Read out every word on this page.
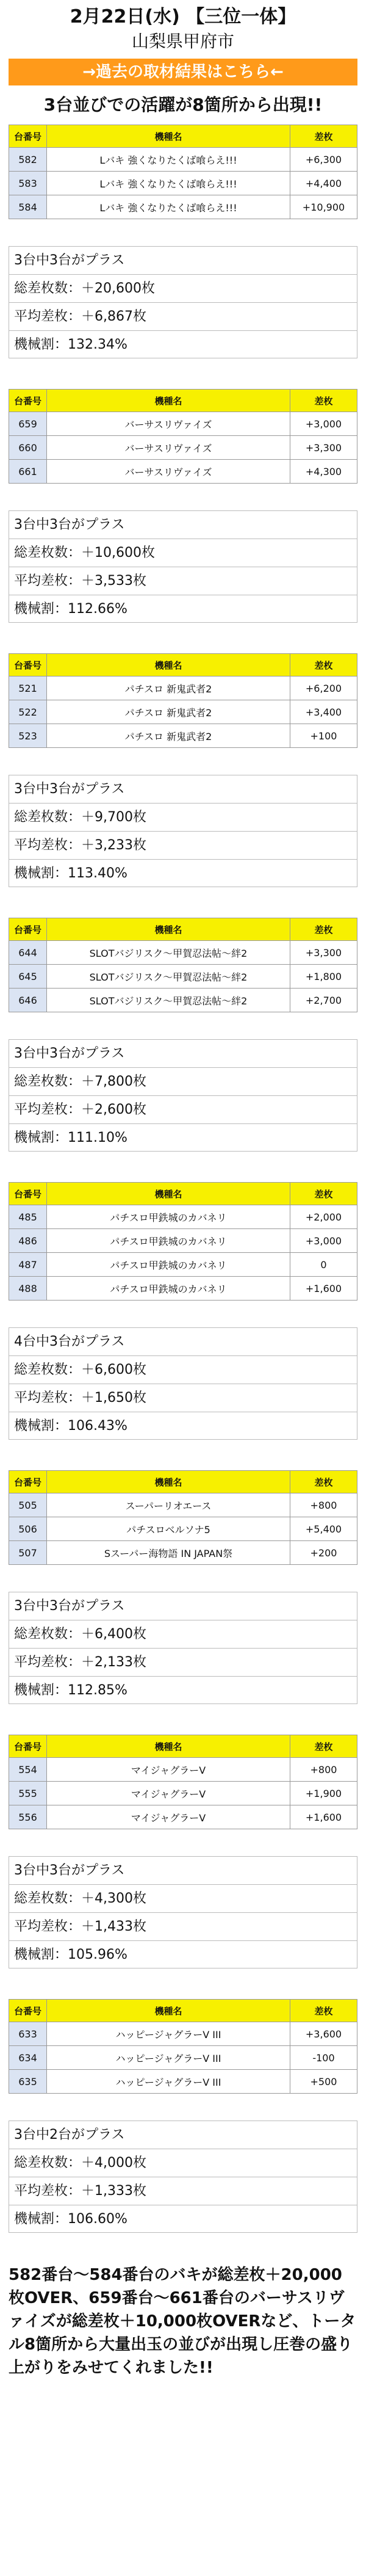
2月22日(水) 【三位一体】
山梨県甲府市
→過去の取材結果はこちら←
3台並びでの活躍が8箇所から出現!!
台番号	機種名	差枚
582	Lバキ 強くなりたくば喰らえ!!!	+6,300
583	Lバキ 強くなりたくば喰らえ!!!	+4,400
584	Lバキ 強くなりたくば喰らえ!!!	+10,900
3台中3台がプラス
総差枚数：＋20,600枚
平均差枚：＋6,867枚
機械割：132.34%
台番号	機種名	差枚
659	バーサスリヴァイズ	+3,000
660	バーサスリヴァイズ	+3,300
661	バーサスリヴァイズ	+4,300
3台中3台がプラス
総差枚数：＋10,600枚
平均差枚：＋3,533枚
機械割：112.66%
台番号	機種名	差枚
521	パチスロ 新鬼武者2	+6,200
522	パチスロ 新鬼武者2	+3,400
523	パチスロ 新鬼武者2	+100
3台中3台がプラス
総差枚数：＋9,700枚
平均差枚：＋3,233枚
機械割：113.40%
台番号	機種名	差枚
644	SLOTバジリスク～甲賀忍法帖～絆2	+3,300
645	SLOTバジリスク～甲賀忍法帖～絆2	+1,800
646	SLOTバジリスク～甲賀忍法帖～絆2	+2,700
3台中3台がプラス
総差枚数：＋7,800枚
平均差枚：＋2,600枚
機械割：111.10%
台番号	機種名	差枚
485	パチスロ甲鉄城のカバネリ	+2,000
486	パチスロ甲鉄城のカバネリ	+3,000
487	パチスロ甲鉄城のカバネリ	0
488	パチスロ甲鉄城のカバネリ	+1,600
4台中3台がプラス
総差枚数：＋6,600枚
平均差枚：＋1,650枚
機械割：106.43%
台番号	機種名	差枚
505	スーパーリオエース	+800
506	パチスロベルソナ5	+5,400
507	Sスーパー海物語 IN JAPAN祭	+200
3台中3台がプラス
総差枚数：＋6,400枚
平均差枚：＋2,133枚
機械割：112.85%
台番号	機種名	差枚
554	マイジャグラーV	+800
555	マイジャグラーV	+1,900
556	マイジャグラーV	+1,600
3台中3台がプラス
総差枚数：＋4,300枚
平均差枚：＋1,433枚
機械割：105.96%
台番号	機種名	差枚
633	ハッピージャグラーV III	+3,600
634	ハッピージャグラーV III	-100
635	ハッピージャグラーV III	+500
3台中2台がプラス
総差枚数：＋4,000枚
平均差枚：＋1,333枚
機械割：106.60%
582番台～584番台のバキが総差枚＋20,000枚OVER、659番台～661番台のバーサスリヴァイズが総差枚＋10,000枚OVERなど、トータル8箇所から大量出玉の並びが出現し圧巻の盛り上がりをみせてくれました!!
